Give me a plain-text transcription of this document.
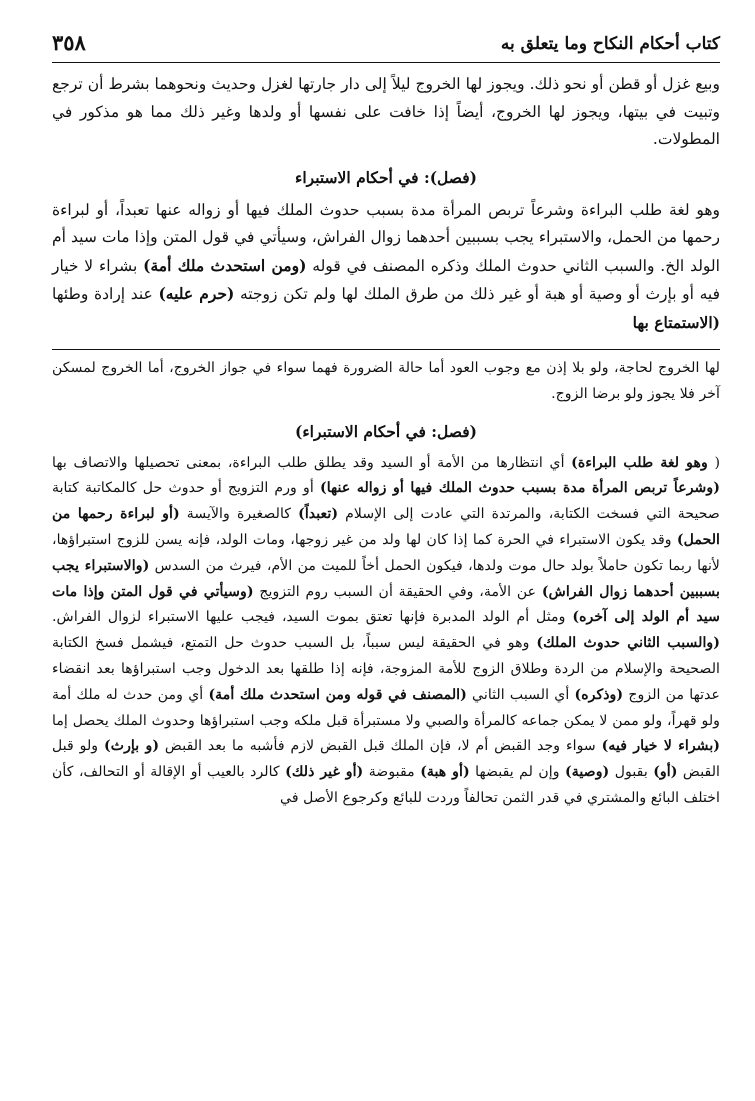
كتاب أحكام النكاح وما يتعلق به
٣٥٨

وبيع غزل أو قطن أو نحو ذلك. ويجوز لها الخروج ليلاً إلى دار جارتها لغزل وحديث ونحوهما بشرط أن ترجع وتبيت في بيتها، ويجوز لها الخروج، أيضاً إذا خافت على نفسها أو ولدها وغير ذلك مما هو مذكور في المطولات.

(فصل): في أحكام الاستبراء

وهو لغة طلب البراءة وشرعاً تربص المرأة مدة بسبب حدوث الملك فيها أو زواله عنها تعبداً، أو لبراءة رحمها من الحمل، والاستبراء يجب بسببين أحدهما زوال الفراش، وسيأتي في قول المتن وإذا مات سيد أم الولد الخ. والسبب الثاني حدوث الملك وذكره المصنف في قوله (ومن استحدث ملك أمة) بشراء لا خيار فيه أو بإرث أو وصية أو هبة أو غير ذلك من طرق الملك لها ولم تكن زوجته (حرم عليه) عند إرادة وطئها (الاستمتاع بها

لها الخروج لحاجة، ولو بلا إذن مع وجوب العود أما حالة الضرورة فهما سواء في جواز الخروج، أما الخروج لمسكن آخر فلا يجوز ولو برضا الزوج.

(فصل: في أحكام الاستبراء)

( وهو لغة طلب البراءة) أي انتظارها من الأمة أو السيد وقد يطلق طلب البراءة، بمعنى تحصيلها والاتصاف بها (وشرعاً تربص المرأة مدة بسبب حدوث الملك فيها أو زواله عنها) أو ورم التزويج أو حدوث حل كالمكاتبة كتابة صحيحة التي فسخت الكتابة، والمرتدة التي عادت إلى الإسلام (تعبداً) كالصغيرة والآيسة (أو لبراءة رحمها من الحمل) وقد يكون الاستبراء في الحرة كما إذا كان لها ولد من غير زوجها، ومات الولد، فإنه يسن للزوج استبراؤها، لأنها ربما تكون حاملاً بولد حال موت ولدها، فيكون الحمل أخاً للميت من الأم، فيرث من السدس (والاستبراء يجب بسببين أحدهما زوال الفراش) عن الأمة، وفي الحقيقة أن السبب روم التزويج (وسيأتي في قول المتن وإذا مات سيد أم الولد إلى آخره) ومثل أم الولد المدبرة فإنها تعتق بموت السيد، فيجب عليها الاستبراء لزوال الفراش. (والسبب الثاني حدوث الملك) وهو في الحقيقة ليس سبباً، بل السبب حدوث حل التمتع، فيشمل فسخ الكتابة الصحيحة والإسلام من الردة وطلاق الزوج للأمة المزوجة، فإنه إذا طلقها بعد الدخول وجب استبراؤها بعد انقضاء عدتها من الزوج (وذكره) أي السبب الثاني (المصنف في قوله ومن استحدث ملك أمة) أي ومن حدث له ملك أمة ولو قهراً، ولو ممن لا يمكن جماعه كالمرأة والصبي ولا مستبرأة قبل ملكه وجب استبراؤها وحدوث الملك يحصل إما (بشراء لا خيار فيه) سواء وجد القبض أم لا، فإن الملك قبل القبض لازم فأشبه ما بعد القبض (و بإرث) ولو قبل القبض (أو) بقبول (وصية) وإن لم يقبضها (أو هبة) مقبوضة (أو غير ذلك) كالرد بالعيب أو الإقالة أو التحالف، كأن اختلف البائع والمشتري في قدر الثمن تحالفاً وردت للبائع وكرجوع الأصل في
